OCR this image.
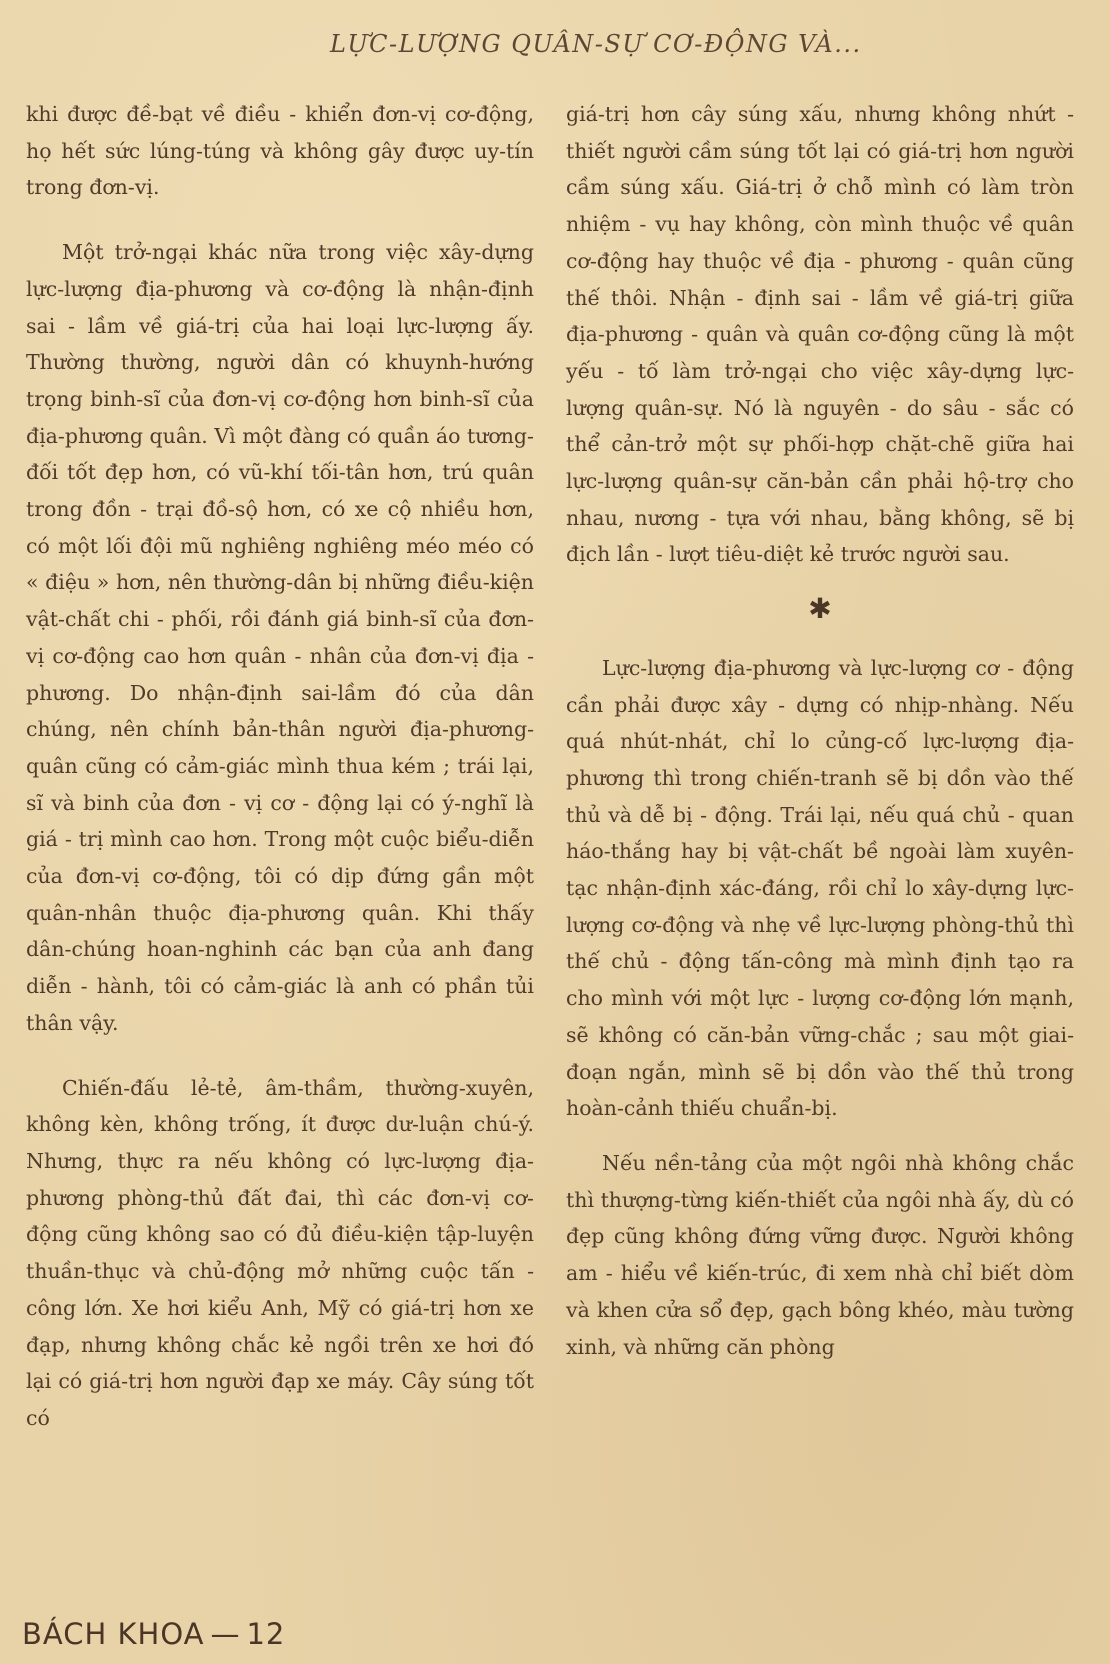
LỰC-LƯỢNG QUÂN-SỰ CƠ-ĐỘNG VÀ...

khi được đề-bạt về điều - khiển đơn-vị cơ-động, họ hết sức lúng-túng và không gây được uy-tín trong đơn-vị.

Một trở-ngại khác nữa trong việc xây-dựng lực-lượng địa-phương và cơ-động là nhận-định sai - lầm về giá-trị của hai loại lực-lượng ấy. Thường thường, người dân có khuynh-hướng trọng binh-sĩ của đơn-vị cơ-động hơn binh-sĩ của địa-phương quân. Vì một đàng có quần áo tương-đối tốt đẹp hơn, có vũ-khí tối-tân hơn, trú quân trong đồn - trại đồ-sộ hơn, có xe cộ nhiều hơn, có một lối đội mũ nghiêng nghiêng méo méo có « điệu » hơn, nên thường-dân bị những điều-kiện vật-chất chi - phối, rồi đánh giá binh-sĩ của đơn-vị cơ-động cao hơn quân - nhân của đơn-vị địa - phương. Do nhận-định sai-lầm đó của dân chúng, nên chính bản-thân người địa-phương-quân cũng có cảm-giác mình thua kém ; trái lại, sĩ và binh của đơn - vị cơ - động lại có ý-nghĩ là giá - trị mình cao hơn. Trong một cuộc biểu-diễn của đơn-vị cơ-động, tôi có dịp đứng gần một quân-nhân thuộc địa-phương quân. Khi thấy dân-chúng hoan-nghinh các bạn của anh đang diễn - hành, tôi có cảm-giác là anh có phần tủi thân vậy.

Chiến-đấu lẻ-tẻ, âm-thầm, thường-xuyên, không kèn, không trống, ít được dư-luận chú-ý. Nhưng, thực ra nếu không có lực-lượng địa-phương phòng-thủ đất đai, thì các đơn-vị cơ-động cũng không sao có đủ điều-kiện tập-luyện thuần-thục và chủ-động mở những cuộc tấn - công lớn. Xe hơi kiểu Anh, Mỹ có giá-trị hơn xe đạp, nhưng không chắc kẻ ngồi trên xe hơi đó lại có giá-trị hơn người đạp xe máy. Cây súng tốt có

giá-trị hơn cây súng xấu, nhưng không nhứt - thiết người cầm súng tốt lại có giá-trị hơn người cầm súng xấu. Giá-trị ở chỗ mình có làm tròn nhiệm - vụ hay không, còn mình thuộc về quân cơ-động hay thuộc về địa - phương - quân cũng thế thôi. Nhận - định sai - lầm về giá-trị giữa địa-phương - quân và quân cơ-động cũng là một yếu - tố làm trở-ngại cho việc xây-dựng lực-lượng quân-sự. Nó là nguyên - do sâu - sắc có thể cản-trở một sự phối-hợp chặt-chẽ giữa hai lực-lượng quân-sự căn-bản cần phải hộ-trợ cho nhau, nương - tựa với nhau, bằng không, sẽ bị địch lần - lượt tiêu-diệt kẻ trước người sau.

✱

Lực-lượng địa-phương và lực-lượng cơ - động cần phải được xây - dựng có nhịp-nhàng. Nếu quá nhút-nhát, chỉ lo củng-cố lực-lượng địa-phương thì trong chiến-tranh sẽ bị dồn vào thế thủ và dễ bị - động. Trái lại, nếu quá chủ - quan háo-thắng hay bị vật-chất bề ngoài làm xuyên-tạc nhận-định xác-đáng, rồi chỉ lo xây-dựng lực-lượng cơ-động và nhẹ về lực-lượng phòng-thủ thì thế chủ - động tấn-công mà mình định tạo ra cho mình với một lực - lượng cơ-động lớn mạnh, sẽ không có căn-bản vững-chắc ; sau một giai-đoạn ngắn, mình sẽ bị dồn vào thế thủ trong hoàn-cảnh thiếu chuẩn-bị.

Nếu nền-tảng của một ngôi nhà không chắc thì thượng-từng kiến-thiết của ngôi nhà ấy, dù có đẹp cũng không đứng vững được. Người không am - hiểu về kiến-trúc, đi xem nhà chỉ biết dòm và khen cửa sổ đẹp, gạch bông khéo, màu tường xinh, và những căn phòng

BÁCH KHOA — 12
